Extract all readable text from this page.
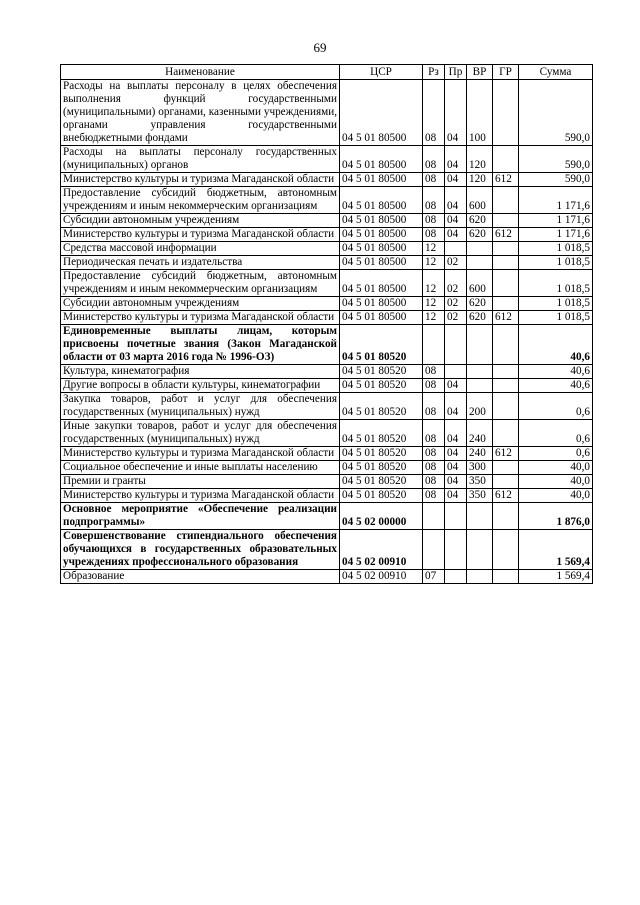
69
Наименование	ЦСР	Рз	Пр	ВР	ГР	Сумма
Расходы на выплаты персоналу в целях обеспечения выполнения функций государственными (муниципальными) органами, казенными учреждениями, органами управления государственными внебюджетными фондами	04 5 01 80500	08	04	100		590,0
Расходы на выплаты персоналу государственных (муниципальных) органов	04 5 01 80500	08	04	120		590,0
Министерство культуры и туризма Магаданской области	04 5 01 80500	08	04	120	612	590,0
Предоставление субсидий бюджетным, автономным учреждениям и иным некоммерческим организациям	04 5 01 80500	08	04	600		1 171,6
Субсидии автономным учреждениям	04 5 01 80500	08	04	620		1 171,6
Министерство культуры и туризма Магаданской области	04 5 01 80500	08	04	620	612	1 171,6
Средства массовой информации	04 5 01 80500	12				1 018,5
Периодическая печать и издательства	04 5 01 80500	12	02			1 018,5
Предоставление субсидий бюджетным, автономным учреждениям и иным некоммерческим организациям	04 5 01 80500	12	02	600		1 018,5
Субсидии автономным учреждениям	04 5 01 80500	12	02	620		1 018,5
Министерство культуры и туризма Магаданской области	04 5 01 80500	12	02	620	612	1 018,5
Единовременные выплаты лицам, которым присвоены почетные звания (Закон Магаданской области от 03 марта 2016 года № 1996-ОЗ)	04 5 01 80520					40,6
Культура, кинематография	04 5 01 80520	08				40,6
Другие вопросы в области культуры, кинематографии	04 5 01 80520	08	04			40,6
Закупка товаров, работ и услуг для обеспечения государственных (муниципальных) нужд	04 5 01 80520	08	04	200		0,6
Иные закупки товаров, работ и услуг для обеспечения государственных (муниципальных) нужд	04 5 01 80520	08	04	240		0,6
Министерство культуры и туризма Магаданской области	04 5 01 80520	08	04	240	612	0,6
Социальное обеспечение и иные выплаты населению	04 5 01 80520	08	04	300		40,0
Премии и гранты	04 5 01 80520	08	04	350		40,0
Министерство культуры и туризма Магаданской области	04 5 01 80520	08	04	350	612	40,0
Основное мероприятие «Обеспечение реализации подпрограммы»	04 5 02 00000					1 876,0
Совершенствование стипендиального обеспечения обучающихся в государственных образовательных учреждениях профессионального образования	04 5 02 00910					1 569,4
Образование	04 5 02 00910	07				1 569,4
